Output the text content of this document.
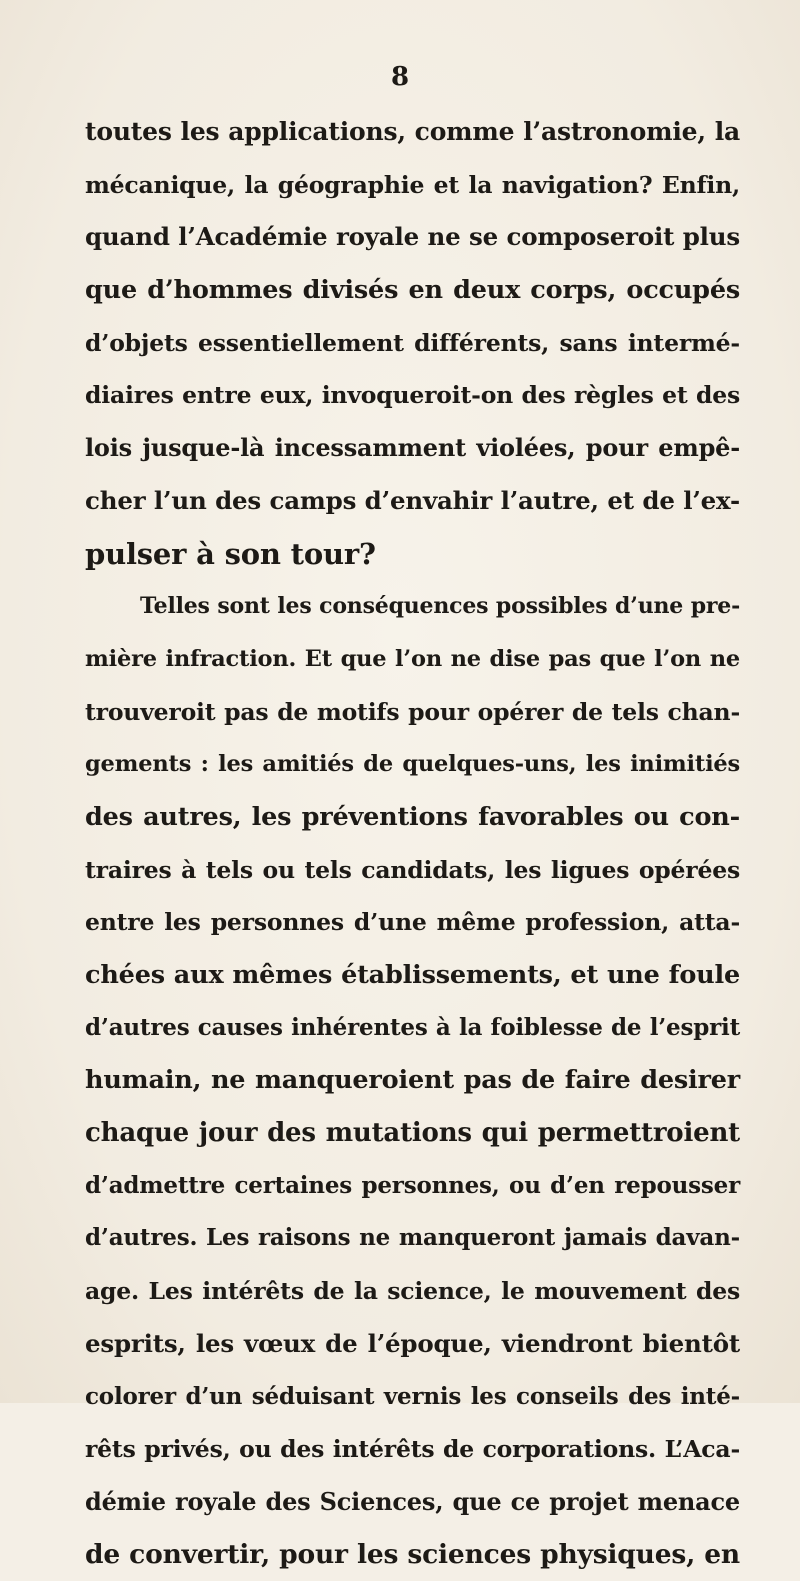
8
toutes les applications, comme l’astronomie, la
mécanique, la géographie et la navigation? Enfin,
quand l’Académie royale ne se composeroit plus
que d’hommes divisés en deux corps, occupés
d’objets essentiellement différents, sans intermé-
diaires entre eux, invoqueroit-on des règles et des
lois jusque-là incessamment violées, pour empê-
cher l’un des camps d’envahir l’autre, et de l’ex-
pulser à son tour?
Telles sont les conséquences possibles d’une pre-
mière infraction. Et que l’on ne dise pas que l’on ne
trouveroit pas de motifs pour opérer de tels chan-
gements : les amitiés de quelques-uns, les inimitiés
des autres, les préventions favorables ou con-
traires à tels ou tels candidats, les ligues opérées
entre les personnes d’une même profession, atta-
chées aux mêmes établissements, et une foule
d’autres causes inhérentes à la foiblesse de l’esprit
humain, ne manqueroient pas de faire desirer
chaque jour des mutations qui permettroient
d’admettre certaines personnes, ou d’en repousser
d’autres. Les raisons ne manqueront jamais davan-
age. Les intérêts de la science, le mouvement des
esprits, les vœux de l’époque, viendront bientôt
colorer d’un séduisant vernis les conseils des inté-
rêts privés, ou des intérêts de corporations. L’Aca-
démie royale des Sciences, que ce projet menace
de convertir, pour les sciences physiques, en
